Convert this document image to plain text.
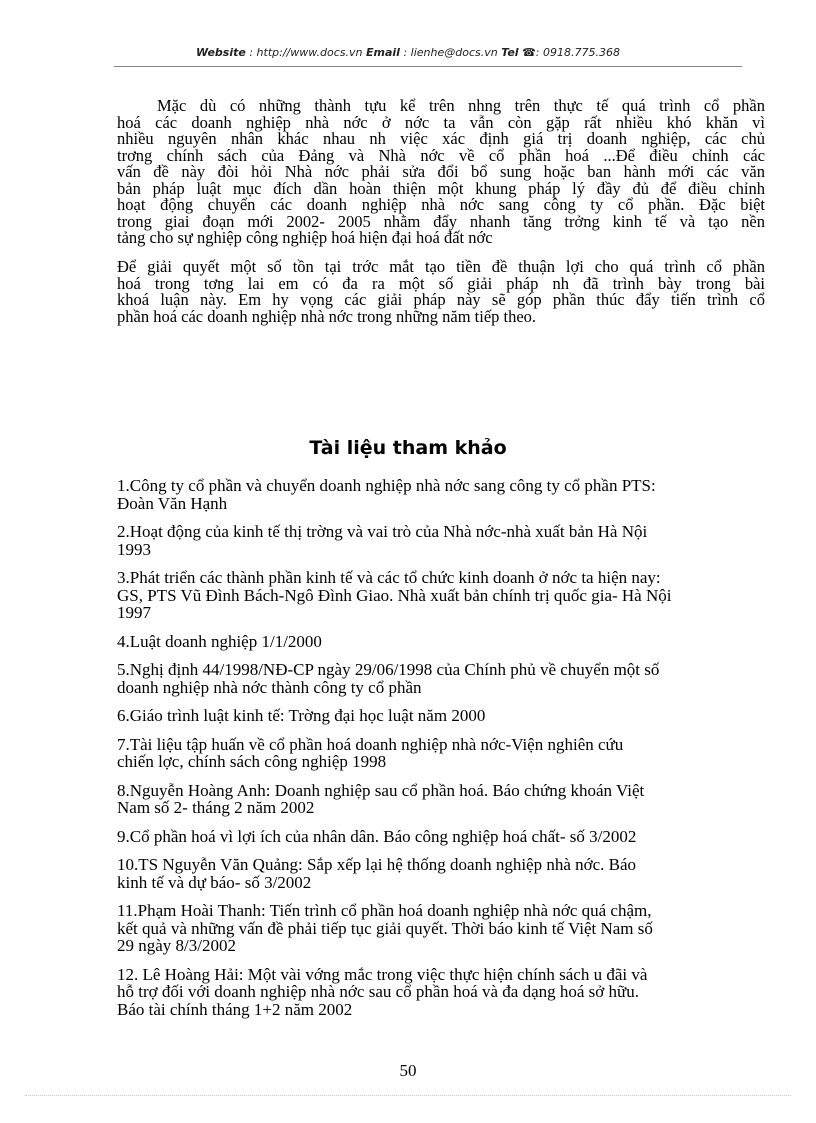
Website : http://www.docs.vn Email : lienhe@docs.vn Tel ☎: 0918.775.368
Mặc dù có những thành tựu kể trên nhng trên thực tế quá trình cổ phần
hoá các doanh nghiệp nhà nớc ở nớc ta vẫn còn gặp rất nhiều khó khăn vì
nhiều nguyên nhân khác nhau nh việc xác định giá trị doanh nghiệp, các chủ
trơng chính sách của Đảng và Nhà nớc về cổ phần hoá ...Để điều chỉnh các
vấn đề này đòi hỏi Nhà nớc phải sửa đổi bổ sung hoặc ban hành mới các văn
bản pháp luật mục đích dần hoàn thiện một khung pháp lý đầy đủ để điều chỉnh
hoạt động chuyển các doanh nghiệp nhà nớc sang công ty cổ phần. Đặc biệt
trong giai đoạn mới 2002- 2005 nhằm đẩy nhanh tăng trởng kinh tế và tạo nền
tảng cho sự nghiệp công nghiệp hoá hiện đại hoá đất nớc
Để giải quyết một số tồn tại trớc mắt tạo tiền đề thuận lợi cho quá trình cổ phần
hoá trong tơng lai em có đa ra một số giải pháp nh đã trình bày trong bài
khoá luận này. Em hy vọng các giải pháp này sẽ góp phần thúc đẩy tiến trình cổ
phần hoá các doanh nghiệp nhà nớc trong những năm tiếp theo.
Tài liệu tham khảo
1.Công ty cổ phần và chuyển doanh nghiệp nhà nớc sang công ty cổ phần PTS:
Đoàn Văn Hạnh
2.Hoạt động của kinh tế thị trờng và vai trò của Nhà nớc-nhà xuất bản Hà Nội
1993
3.Phát triển các thành phần kinh tế và các tổ chức kinh doanh ở nớc ta hiện nay:
GS, PTS Vũ Đình Bách-Ngô Đình Giao. Nhà xuất bản chính trị quốc gia- Hà Nội
1997
4.Luật doanh nghiệp 1/1/2000
5.Nghị định 44/1998/NĐ-CP ngày 29/06/1998 của Chính phủ về chuyển một số
doanh nghiệp nhà nớc thành công ty cổ phần
6.Giáo trình luật kinh tế: Trờng đại học luật năm 2000
7.Tài liệu tập huấn về cổ phần hoá doanh nghiệp nhà nớc-Viện nghiên cứu
chiến lợc, chính sách công nghiệp 1998
8.Nguyễn Hoàng Anh: Doanh nghiệp sau cổ phần hoá. Báo chứng khoán Việt
Nam số 2- tháng 2 năm 2002
9.Cổ phần hoá vì lợi ích của nhân dân. Báo công nghiệp hoá chất- số 3/2002
10.TS Nguyễn Văn Quảng: Sắp xếp lại hệ thống doanh nghiệp nhà nớc. Báo
kinh tế và dự báo- số 3/2002
11.Phạm Hoài Thanh: Tiến trình cổ phần hoá doanh nghiệp nhà nớc quá chậm,
kết quả và những vấn đề phải tiếp tục giải quyết. Thời báo kinh tế Việt Nam số
29 ngày 8/3/2002
12. Lê Hoàng Hải: Một vài vớng mắc trong việc thực hiện chính sách u đãi và
hỗ trợ đối với doanh nghiệp nhà nớc sau cổ phần hoá và đa dạng hoá sở hữu.
Báo tài chính tháng 1+2 năm 2002
50
